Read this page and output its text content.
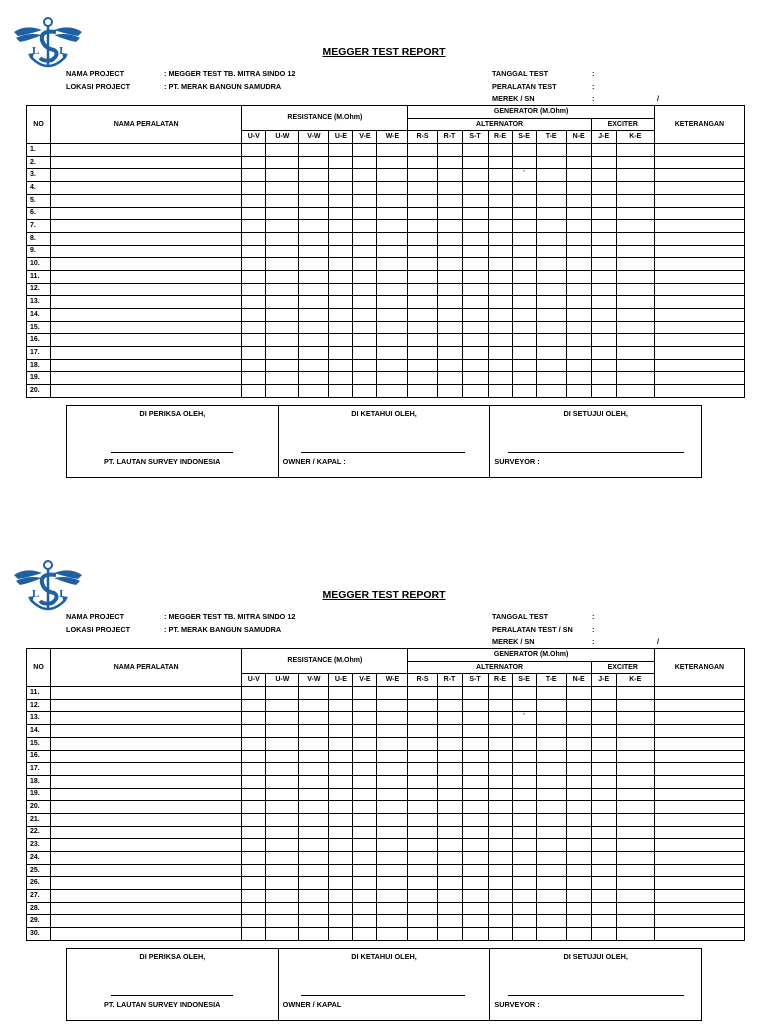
L I	MEGGER TEST REPORT
NAMA PROJECT	: MEGGER TEST TB. MITRA SINDO 12
LOKASI PROJECT	: PT. MERAK BANGUN SAMUDRA
TANGGAL TEST	:
PERALATAN TEST	:
MEREK / SN	:	/
NO	NAMA PERALATAN	RESISTANCE (M.Ohm)						GENERATOR (M.Ohm)									KETERANGAN
								ALTERNATOR							EXCITER		
		U-V	U-W	V-W	U-E	V-E	W-E	R-S	R-T	S-T	R-E	S-E	T-E	N-E	J-E	K-E	
1.																	
2.																	
3.												`					
4.																	
5.																	
6.																	
7.																	
8.																	
9.																	
10.																	
11.																	
12.																	
13.																	
14.																	
15.																	
16.																	
17.																	
18.																	
19.																	
20.																	
DI PERIKSA OLEH,
PT. LAUTAN SURVEY INDONESIA
DI KETAHUI OLEH,
OWNER / KAPAL :
DI SETUJUI OLEH,
SURVEYOR :
L I	MEGGER TEST REPORT
NAMA PROJECT	: MEGGER TEST TB. MITRA SINDO 12
LOKASI PROJECT	: PT. MERAK BANGUN SAMUDRA
TANGGAL TEST	:
PERALATAN TEST / SN	:
MEREK / SN	:	/
NO	NAMA PERALATAN	RESISTANCE (M.Ohm)						GENERATOR (M.Ohm)									KETERANGAN
								ALTERNATOR							EXCITER		
		U-V	U-W	V-W	U-E	V-E	W-E	R-S	R-T	S-T	R-E	S-E	T-E	N-E	J-E	K-E	
11.																	
12.																	
13.												`					
14.																	
15.																	
16.																	
17.																	
18.																	
19.																	
20.																	
21.																	
22.																	
23.																	
24.																	
25.																	
26.																	
27.																	
28.																	
29.																	
30.																	
DI PERIKSA OLEH,
PT. LAUTAN SURVEY INDONESIA
DI KETAHUI OLEH,
OWNER / KAPAL
DI SETUJUI OLEH,
SURVEYOR :
